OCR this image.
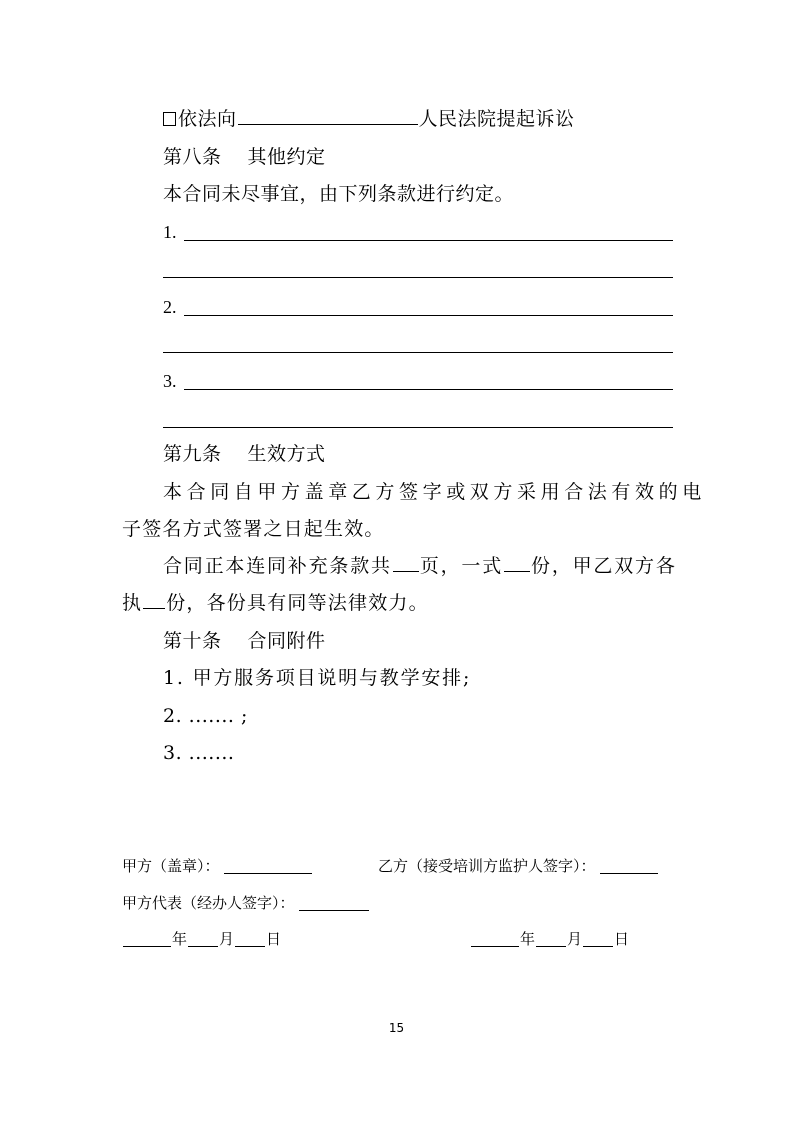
依法向	人民法院提起诉讼
第八条 其他约定
本合同未尽事宜，由下列条款进行约定。
1.
2.
3.
第九条 生效方式
本合同自甲方盖章乙方签字或双方采用合法有效的电
子签名方式签署之日起生效。
合同正本连同补充条款共 页，一式 份，甲乙双方各
执 份，各份具有同等法律效力。
第十条 合同附件
1. 甲方服务项目说明与教学安排;
2. ....... ;
3. .......
甲方（盖章）：	乙方（接受培训方监护人签字）：
甲方代表（经办人签字）：
年 月 日	年 月 日
15
